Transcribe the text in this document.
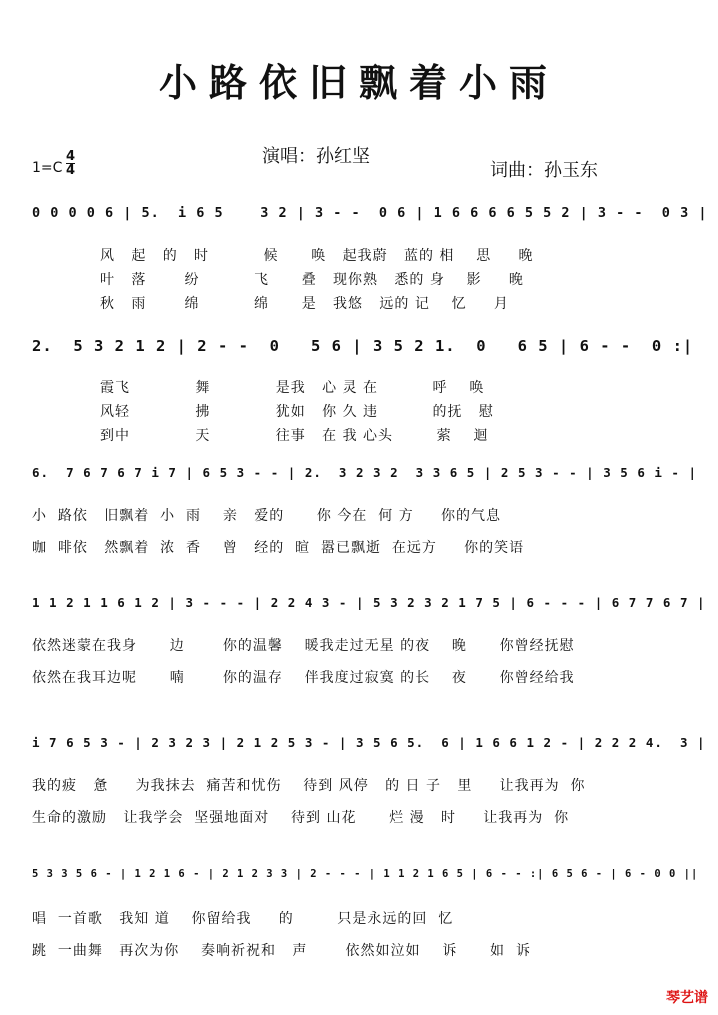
小路依旧飘着小雨
演唱：孙红坚
词曲：孙玉东
$1=C \frac{4}{4}$
0 0 0 0 6 | 5.  i 6 5    3 2 | 3 - -  0 6 | 1 6 6 6 6 5 5 2 | 3 - -  0 3 |
风   起   的   时          候      唤   起我蔚   蓝的 相    思     晚
叶   落       纷          飞      叠   现你熟   悉的 身    影     晚
秋   雨       绵          绵      是   我悠   远的 记    忆     月
2.  5 3 2 1 2 | 2 - -  0   5 6 | 3 5 2 1.  0   6 5 | 6 - -  0 :|
霞飞            舞            是我   心 灵 在          呼    唤
风轻            拂            犹如   你 久 违          的抚   慰
到中            天            往事   在 我 心头        萦    迴
6.  7 6 7 6 7 i 7 | 6 5 3 - - | 2.  3 2 3 2  3 3 6 5 | 2 5 3 - - | 3 5 6 i - |
小  路依   旧飘着  小  雨    亲   爱的      你 今在  何 方     你的气息
咖  啡依   然飘着  浓  香    曾   经的  暄  嚣已飘逝  在远方     你的笑语
1 1 2 1 1 6 1 2 | 3 - - - | 2 2 4 3 - | 5 3 2 3 2 1 7 5 | 6 - - - | 6 7 7 6 7 |
依然迷蒙在我身      边       你的温馨    暖我走过无星 的夜    晚      你曾经抚慰
依然在我耳边呢      喃       你的温存    伴我度过寂寞 的长    夜      你曾经给我
i 7 6 5 3 - | 2 3 2 3 | 2 1 2 5 3 - | 3 5 6 5.  6 | 1 6 6 1 2 - | 2 2 2 4.  3 |
我的疲   惫     为我抹去  痛苦和忧伤    待到 风停   的 日 子   里     让我再为  你
生命的激励   让我学会  坚强地面对    待到 山花      烂 漫   时     让我再为  你
5 3 3 5 6 - | 1 2 1 6 - | 2 1 2 3 3 | 2 - - - | 1 1 2 1 6 5 | 6 - - :| 6 5 6 - | 6 - 0 0 ||
唱  一首歌   我知 道    你留给我     的        只是永远的回  忆
跳  一曲舞   再次为你    奏响祈祝和   声       依然如泣如    诉      如  诉
琴艺谱
